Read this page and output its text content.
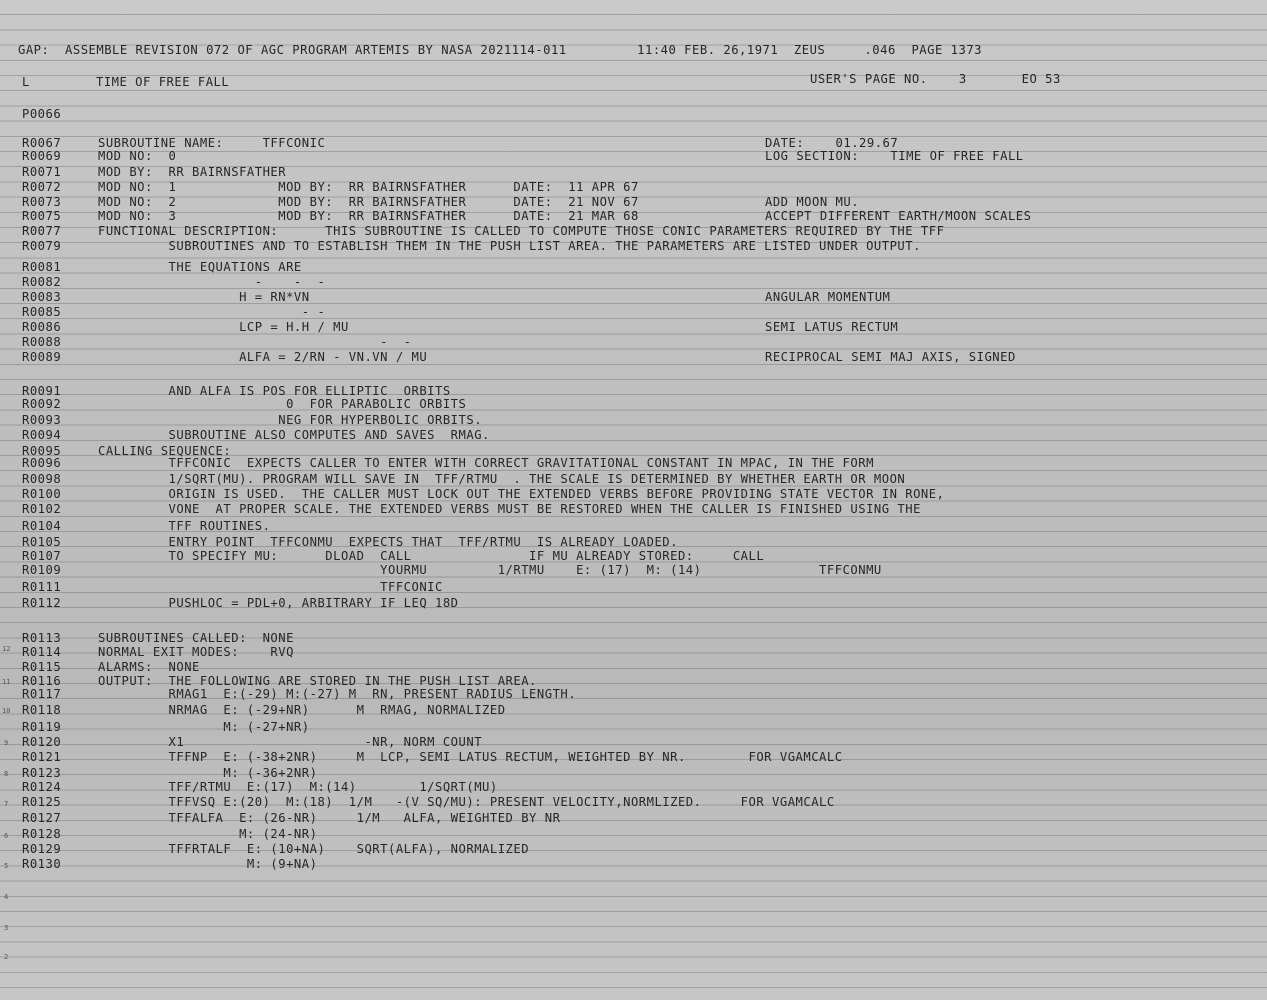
GAP:  ASSEMBLE REVISION 072 OF AGC PROGRAM ARTEMIS BY NASA 2021114-011         11:40 FEB. 26,1971  ZEUS     .046  PAGE 1373
L	TIME OF FREE FALL	USER'S PAGE NO.    3       EO 53
P0066
R0067	SUBROUTINE NAME:     TFFCONIC	DATE:    01.29.67
R0069	MOD NO:  0	LOG SECTION:    TIME OF FREE FALL
R0071	MOD BY:  RR BAIRNSFATHER
R0072	MOD NO:  1             MOD BY:  RR BAIRNSFATHER      DATE:  11 APR 67
R0073	MOD NO:  2             MOD BY:  RR BAIRNSFATHER      DATE:  21 NOV 67	ADD MOON MU.
R0075	MOD NO:  3             MOD BY:  RR BAIRNSFATHER      DATE:  21 MAR 68	ACCEPT DIFFERENT EARTH/MOON SCALES
R0077	FUNCTIONAL DESCRIPTION:      THIS SUBROUTINE IS CALLED TO COMPUTE THOSE CONIC PARAMETERS REQUIRED BY THE TFF
R0079	SUBROUTINES AND TO ESTABLISH THEM IN THE PUSH LIST AREA. THE PARAMETERS ARE LISTED UNDER OUTPUT.
R0081	THE EQUATIONS ARE
R0082	-    -  -
R0083	H = RN*VN	ANGULAR MOMENTUM
R0085	- -
R0086	LCP = H.H / MU	SEMI LATUS RECTUM
R0088	-  -
R0089	ALFA = 2/RN - VN.VN / MU	RECIPROCAL SEMI MAJ AXIS, SIGNED
R0091	AND ALFA IS POS FOR ELLIPTIC  ORBITS
R0092	0  FOR PARABOLIC ORBITS
R0093	NEG FOR HYPERBOLIC ORBITS.
R0094	SUBROUTINE ALSO COMPUTES AND SAVES  RMAG.
R0095	CALLING SEQUENCE:
R0096	TFFCONIC  EXPECTS CALLER TO ENTER WITH CORRECT GRAVITATIONAL CONSTANT IN MPAC, IN THE FORM
R0098	1/SQRT(MU). PROGRAM WILL SAVE IN  TFF/RTMU  . THE SCALE IS DETERMINED BY WHETHER EARTH OR MOON
R0100	ORIGIN IS USED.  THE CALLER MUST LOCK OUT THE EXTENDED VERBS BEFORE PROVIDING STATE VECTOR IN RONE,
R0102	VONE  AT PROPER SCALE. THE EXTENDED VERBS MUST BE RESTORED WHEN THE CALLER IS FINISHED USING THE
R0104	TFF ROUTINES.
R0105	ENTRY POINT  TFFCONMU  EXPECTS THAT  TFF/RTMU  IS ALREADY LOADED.
R0107	TO SPECIFY MU:      DLOAD  CALL               IF MU ALREADY STORED:     CALL
R0109	YOURMU         1/RTMU    E: (17)  M: (14)               TFFCONMU
R0111	TFFCONIC
R0112	PUSHLOC = PDL+0, ARBITRARY IF LEQ 18D
R0113	SUBROUTINES CALLED:  NONE
R0114	NORMAL EXIT MODES:    RVQ
R0115	ALARMS:  NONE
R0116	OUTPUT:  THE FOLLOWING ARE STORED IN THE PUSH LIST AREA.
R0117	RMAG1  E:(-29) M:(-27) M  RN, PRESENT RADIUS LENGTH.
R0118	NRMAG  E: (-29+NR)      M  RMAG, NORMALIZED
R0119	M: (-27+NR)
R0120	X1                       -NR, NORM COUNT
R0121	TFFNP  E: (-38+2NR)     M  LCP, SEMI LATUS RECTUM, WEIGHTED BY NR.        FOR VGAMCALC
R0123	M: (-36+2NR)
R0124	TFF/RTMU  E:(17)  M:(14)        1/SQRT(MU)
R0125	TFFVSQ E:(20)  M:(18)  1/M   -(V SQ/MU): PRESENT VELOCITY,NORMLIZED.     FOR VGAMCALC
R0127	TFFALFA  E: (26-NR)     1/M   ALFA, WEIGHTED BY NR
R0128	M: (24-NR)
R0129	TFFRTALF  E: (10+NA)    SQRT(ALFA), NORMALIZED
R0130	M: (9+NA)
12
11
10
9
8
7
6
5
4
3
2
